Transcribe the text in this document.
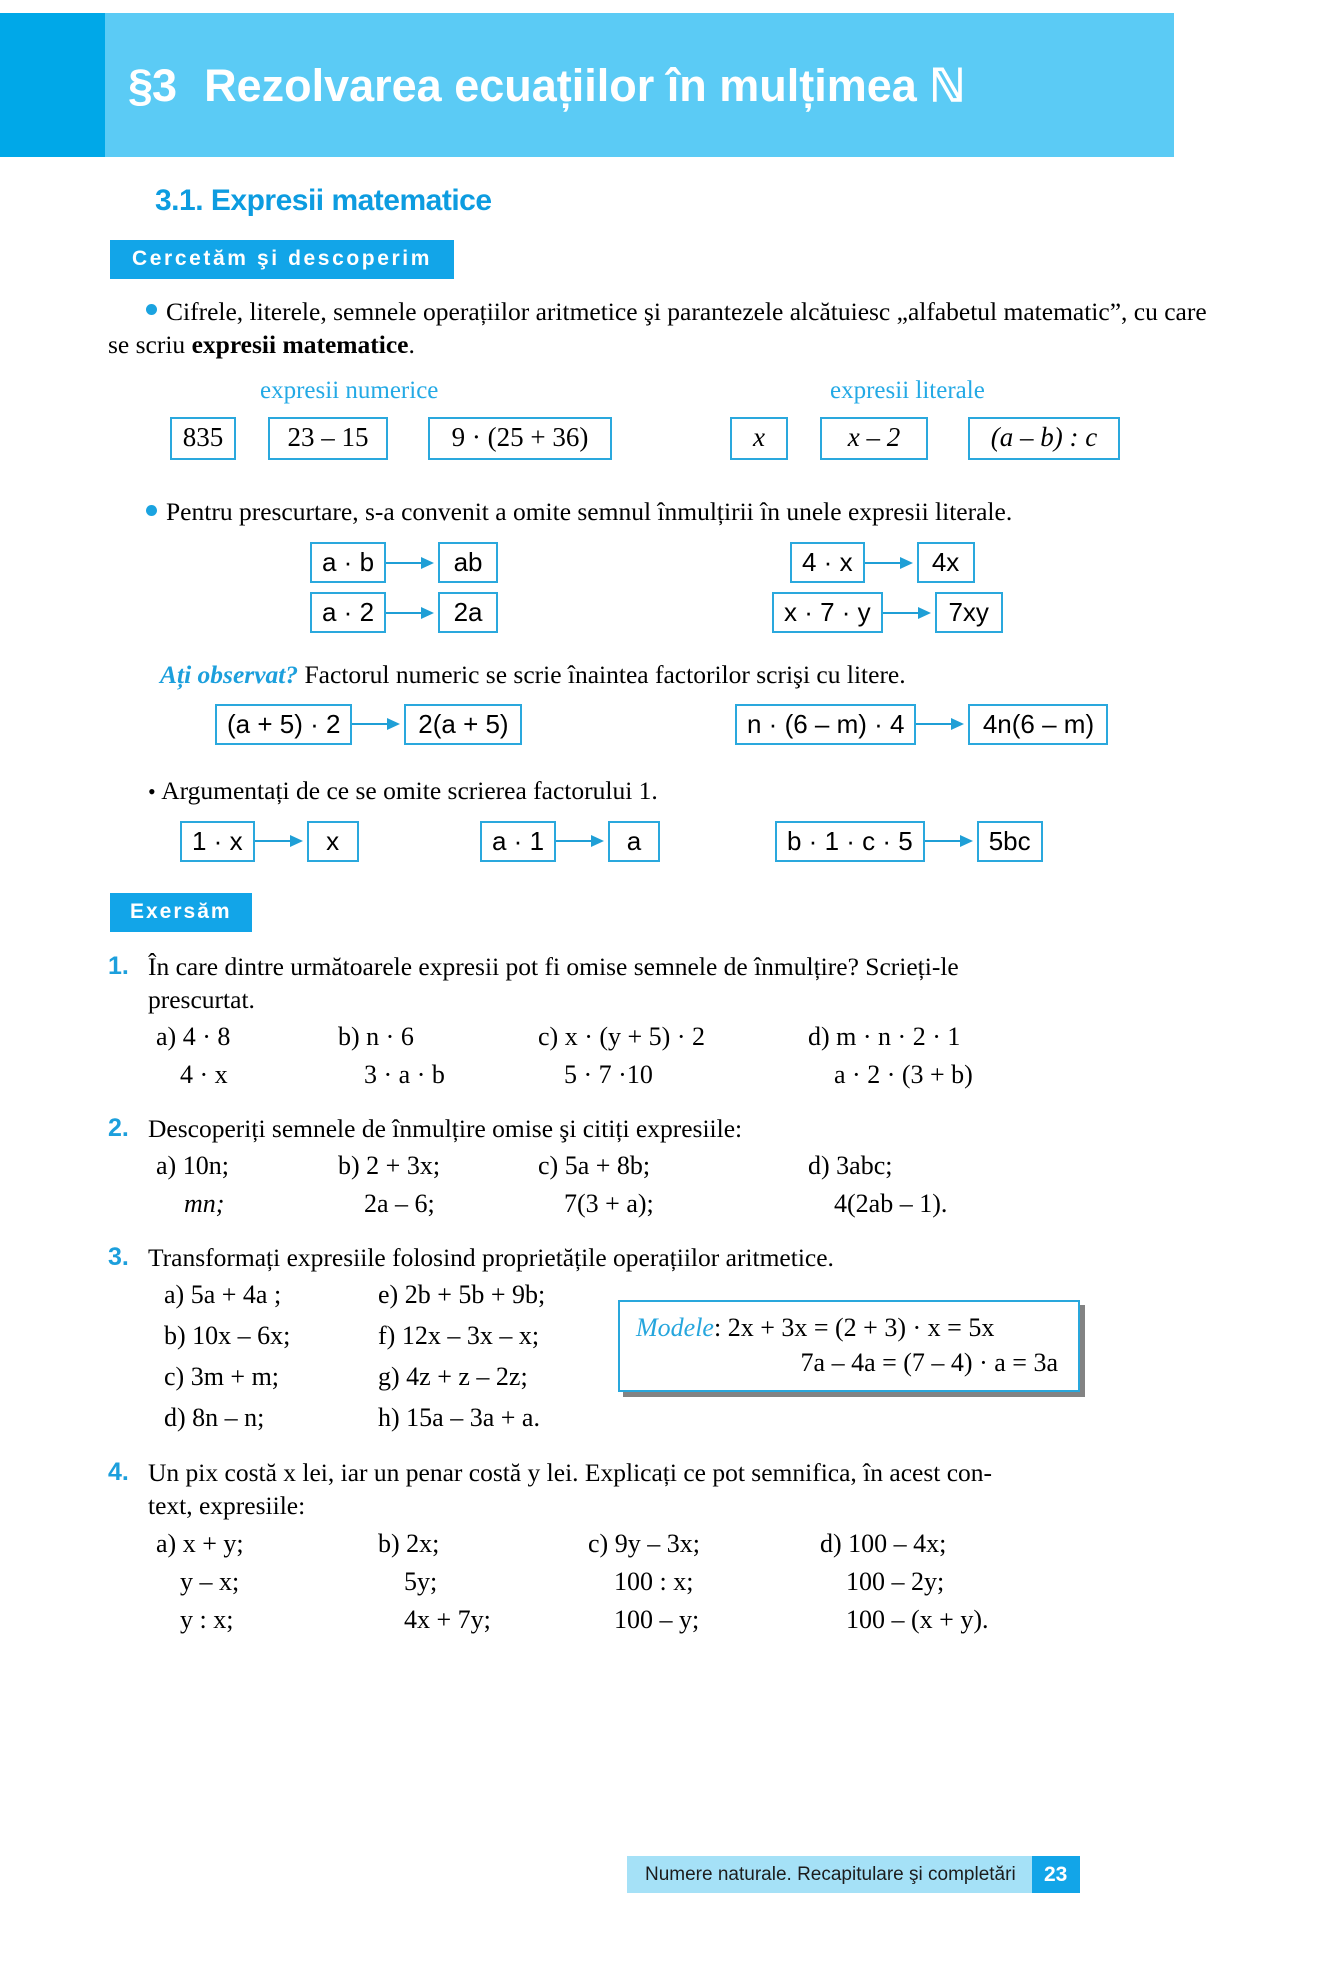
§3 Rezolvarea ecuațiilor în mulțimea ℕ
3.1. Expresii matematice
Cercetăm şi descoperim
Cifrele, literele, semnele operațiilor aritmetice şi parantezele alcătuiesc „alfabetul matematic”, cu care se scriu expresii matematice.
expresii numerice	expresii literale
835	23 – 15	9 · (25 + 36)	x	x – 2	(a – b) : c
Pentru prescurtare, s-a convenit a omite semnul înmulțirii în unele expresii literale.
a · b	ab
a · 2	2a
4 · x	4x
x · 7 · y	7xy
Ați observat? Factorul numeric se scrie înaintea factorilor scrişi cu litere.
(a + 5) · 2	2(a + 5)	n · (6 – m) · 4	4n(6 – m)
• Argumentați de ce se omite scrierea factorului 1.
1 · x	x	a · 1	a	b · 1 · c · 5	5bc
Exersăm
1. În care dintre următoarele expresii pot fi omise semnele de înmulțire? Scrieți-le
prescurtat.
a) 4 · 8	b) n · 6	c) x · (y + 5) · 2	d) m · n · 2 · 1
4 · x	3 · a · b	5 · 7 ·10	a · 2 · (3 + b)
2. Descoperiți semnele de înmulțire omise şi citiți expresiile:
a) 10n;	b) 2 + 3x;	c) 5a + 8b;	d) 3abc;
mn;	2a – 6;	7(3 + a);	4(2ab – 1).
3. Transformați expresiile folosind proprietățile operațiilor aritmetice.
a) 5a + 4a ;	e) 2b + 5b + 9b;
b) 10x – 6x;	f) 12x – 3x – x;
c) 3m + m;	g) 4z + z – 2z;
d) 8n – n;	h) 15a – 3a + a.
Modele: 2x + 3x = (2 + 3) · x = 5x
7a – 4a = (7 – 4) · a = 3a
4. Un pix costă x lei, iar un penar costă y lei. Explicați ce pot semnifica, în acest con-
text, expresiile:
a) x + y;	b) 2x;	c) 9y – 3x;	d) 100 – 4x;
y – x;	5y;	100 : x;	100 – 2y;
y : x;	4x + 7y;	100 – y;	100 – (x + y).
Numere naturale. Recapitulare şi completări	23
